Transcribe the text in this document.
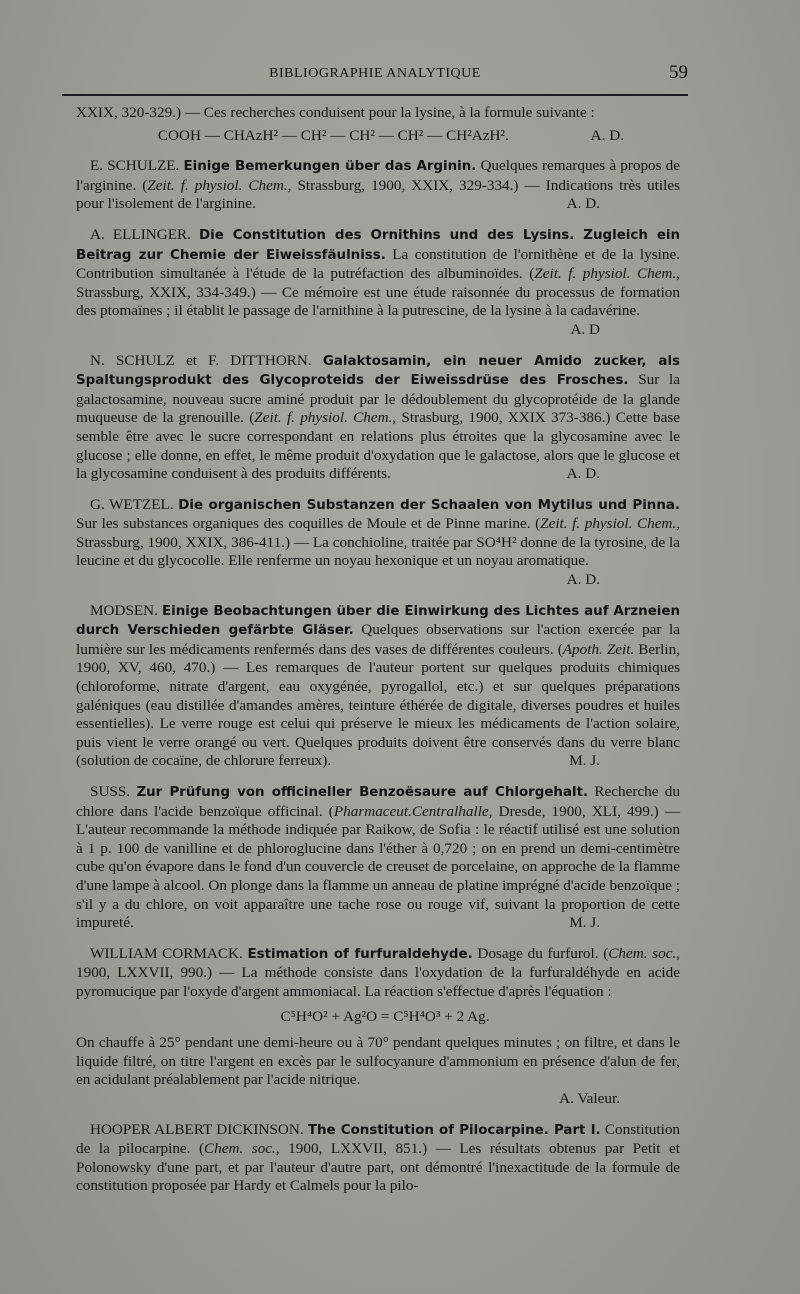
BIBLIOGRAPHIE ANALYTIQUE	59

XXIX, 320-329.) — Ces recherches conduisent pour la lysine, à la formule suivante :

COOH — CHAzH² — CH² — CH² — CH² — CH²AzH².	A. D.

E. SCHULZE. Einige Bemerkungen über das Arginin. Quelques remarques à propos de l'arginine. (Zeit. f. physiol. Chem., Strassburg, 1900, XXIX, 329-334.) — Indications très utiles pour l'isolement de l'arginine.	A. D.

A. ELLINGER. Die Constitution des Ornithins und des Lysins. Zugleich ein Beitrag zur Chemie der Eiweissfäulniss. La constitution de l'ornithène et de la lysine. Contribution simultanée à l'étude de la putréfaction des albuminoïdes. (Zeit. f. physiol. Chem., Strassburg, XXIX, 334-349.) — Ce mémoire est une étude raisonnée du processus de formation des ptomaïnes ; il établit le passage de l'arnithine à la putrescine, de la lysine à la cadavérine.
A. D

N. SCHULZ et F. DITTHORN. Galaktosamin, ein neuer Amido zucker, als Spaltungsprodukt des Glycoproteids der Eiweissdrüse des Frosches. Sur la galactosamine, nouveau sucre aminé produit par le dédoublement du glycoprotéide de la glande muqueuse de la grenouille. (Zeit. f. physiol. Chem., Strasburg, 1900, XXIX 373-386.) Cette base semble être avec le sucre correspondant en relations plus étroites que la glycosamine avec le glucose ; elle donne, en effet, le même produit d'oxydation que le galactose, alors que le glucose et la glycosamine conduisent à des produits différents.	A. D.

G. WETZEL. Die organischen Substanzen der Schaalen von Mytilus und Pinna. Sur les substances organiques des coquilles de Moule et de Pinne marine. (Zeit. f. physiol. Chem., Strassburg, 1900, XXIX, 386-411.) — La conchioline, traitée par SO⁴H² donne de la tyrosine, de la leucine et du glycocolle. Elle renferme un noyau hexonique et un noyau aromatique.
A. D.

MODSEN. Einige Beobachtungen über die Einwirkung des Lichtes auf Arzneien durch Verschieden gefärbte Gläser. Quelques observations sur l'action exercée par la lumière sur les médicaments renfermés dans des vases de différentes couleurs. (Apoth. Zeit. Berlin, 1900, XV, 460, 470.) — Les remarques de l'auteur portent sur quelques produits chimiques (chloroforme, nitrate d'argent, eau oxygénée, pyrogallol, etc.) et sur quelques préparations galéniques (eau distillée d'amandes amères, teinture éthérée de digitale, diverses poudres et huiles essentielles). Le verre rouge est celui qui préserve le mieux les médicaments de l'action solaire, puis vient le verre orangé ou vert. Quelques produits doivent être conservés dans du verre blanc (solution de cocaïne, de chlorure ferreux).	M. J.

SUSS. Zur Prüfung von officineller Benzoësaure auf Chlorgehalt. Recherche du chlore dans l'acide benzoïque officinal. (Pharmaceut.Centralhalle, Dresde, 1900, XLI, 499.) — L'auteur recommande la méthode indiquée par Raikow, de Sofia : le réactif utilisé est une solution à 1 p. 100 de vanilline et de phloroglucine dans l'éther à 0,720 ; on en prend un demi-centimètre cube qu'on évapore dans le fond d'un couvercle de creuset de porcelaine, on approche de la flamme d'une lampe à alcool. On plonge dans la flamme un anneau de platine imprégné d'acide benzoïque ; s'il y a du chlore, on voit apparaître une tache rose ou rouge vif, suivant la proportion de cette impureté.	M. J.

WILLIAM CORMACK. Estimation of furfuraldehyde. Dosage du furfurol. (Chem. soc., 1900, LXXVII, 990.) — La méthode consiste dans l'oxydation de la furfuraldéhyde en acide pyromucique par l'oxyde d'argent ammoniacal. La réaction s'effectue d'après l'équation :
C⁵H⁴O² + Ag²O = C⁵H⁴O³ + 2 Ag.
On chauffe à 25° pendant une demi-heure ou à 70° pendant quelques minutes ; on filtre, et dans le liquide filtré, on titre l'argent en excès par le sulfocyanure d'ammonium en présence d'alun de fer, en acidulant préalablement par l'acide nitrique.
A. Valeur.

HOOPER ALBERT DICKINSON. The Constitution of Pilocarpine. Part I. Constitution de la pilocarpine. (Chem. soc., 1900, LXXVII, 851.) — Les résultats obtenus par Petit et Polonowsky d'une part, et par l'auteur d'autre part, ont démontré l'inexactitude de la formule de constitution proposée par Hardy et Calmels pour la pilo-
